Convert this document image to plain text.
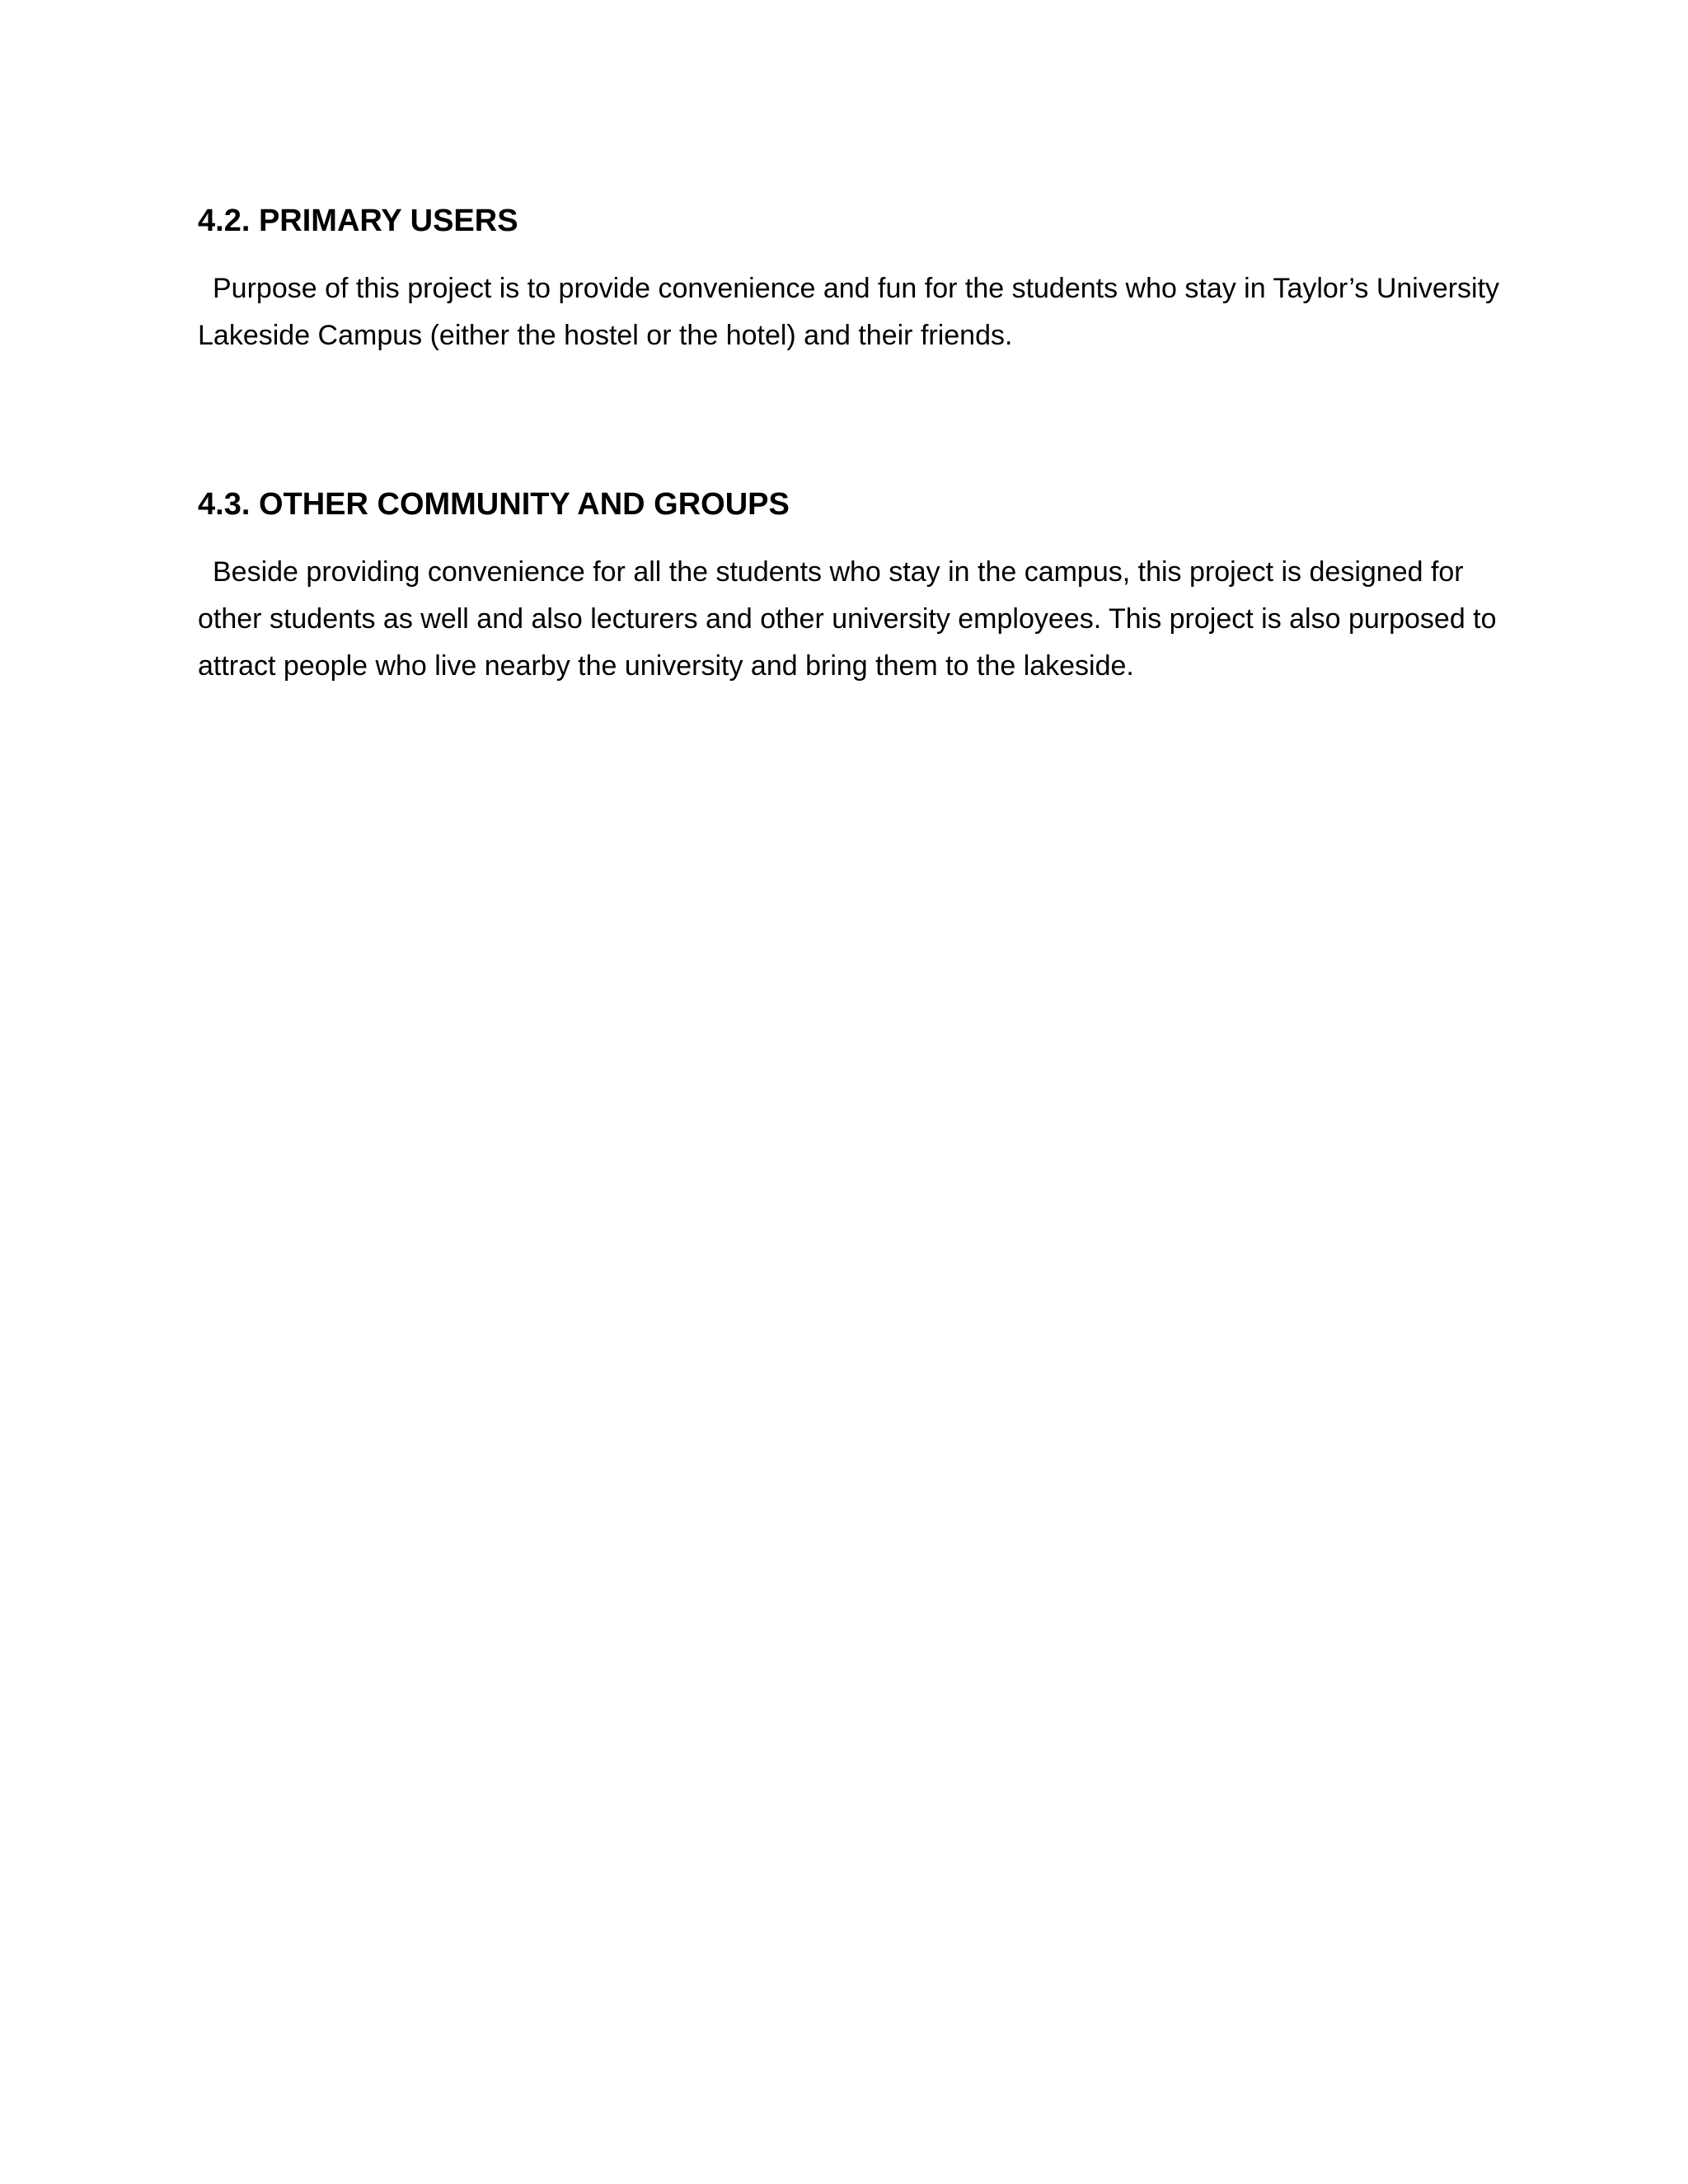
4.2. PRIMARY USERS

Purpose of this project is to provide convenience and fun for the students who stay in Taylor’s University Lakeside Campus (either the hostel or the hotel) and their friends.

4.3. OTHER COMMUNITY AND GROUPS

Beside providing convenience for all the students who stay in the campus, this project is designed for other students as well and also lecturers and other university employees. This project is also purposed to attract people who live nearby the university and bring them to the lakeside.
